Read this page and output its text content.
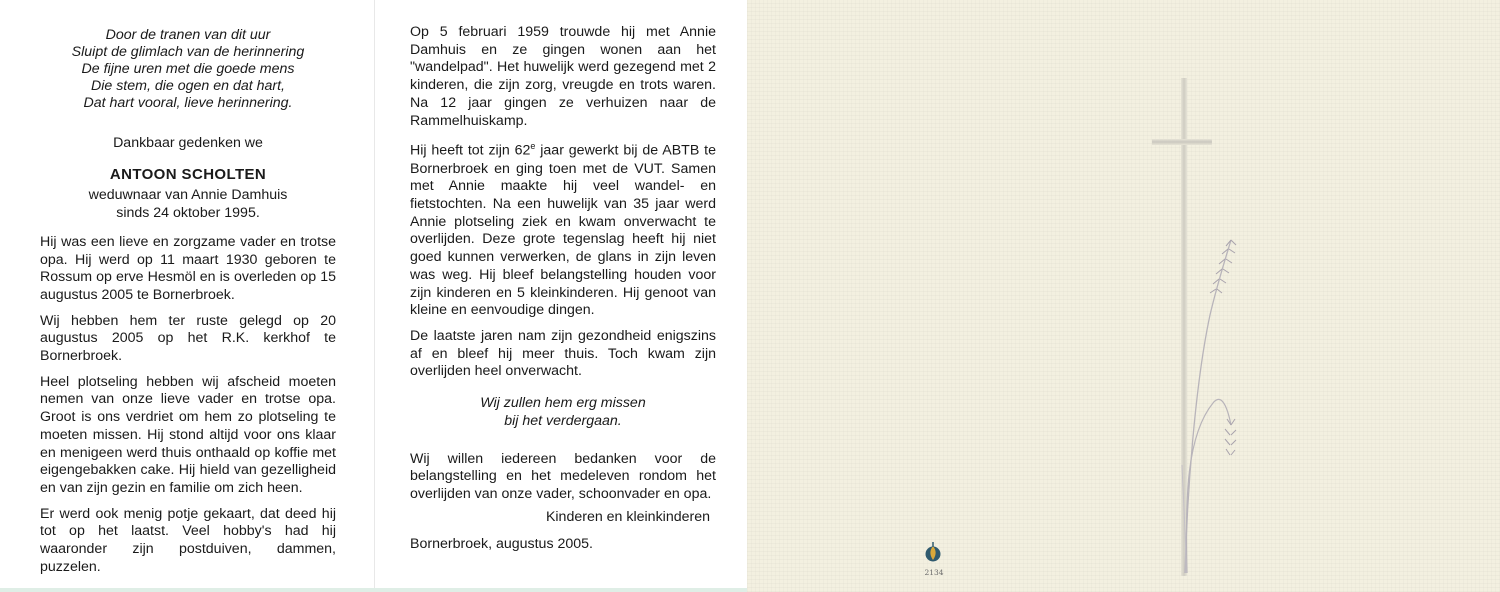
Door de tranen van dit uur
Sluipt de glimlach van de herinnering
De fijne uren met die goede mens
Die stem, die ogen en dat hart,
Dat hart vooral, lieve herinnering.

Dankbaar gedenken we

ANTOON SCHOLTEN

weduwnaar van Annie Damhuis

sinds 24 oktober 1995.

Hij was een lieve en zorgzame vader en trotse opa. Hij werd op 11 maart 1930 geboren te Rossum op erve Hesmöl en is overleden op 15 augustus 2005 te Bornerbroek.

Wij hebben hem ter ruste gelegd op 20 augustus 2005 op het R.K. kerkhof te Bornerbroek.

Heel plotseling hebben wij afscheid moeten nemen van onze lieve vader en trotse opa. Groot is ons verdriet om hem zo plotseling te moeten missen. Hij stond altijd voor ons klaar en menigeen werd thuis onthaald op koffie met eigengebakken cake. Hij hield van gezelligheid en van zijn gezin en familie om zich heen.

Er werd ook menig potje gekaart, dat deed hij tot op het laatst. Veel hobby's had hij waaronder zijn postduiven, dammen, puzzelen.

Op 5 februari 1959 trouwde hij met Annie Damhuis en ze gingen wonen aan het "wandelpad". Het huwelijk werd gezegend met 2 kinderen, die zijn zorg, vreugde en trots waren. Na 12 jaar gingen ze verhuizen naar de Rammelhuiskamp.

Hij heeft tot zijn 62e jaar gewerkt bij de ABTB te Bornerbroek en ging toen met de VUT. Samen met Annie maakte hij veel wandel- en fietstochten. Na een huwelijk van 35 jaar werd Annie plotseling ziek en kwam onverwacht te overlijden. Deze grote tegenslag heeft hij niet goed kunnen verwerken, de glans in zijn leven was weg. Hij bleef belangstelling houden voor zijn kinderen en 5 kleinkinderen. Hij genoot van kleine en eenvoudige dingen.

De laatste jaren nam zijn gezondheid enigszins af en bleef hij meer thuis. Toch kwam zijn overlijden heel onverwacht.

Wij zullen hem erg missen
bij het verdergaan.

Wij willen iedereen bedanken voor de belangstelling en het medeleven rondom het overlijden van onze vader, schoonvader en opa.

Kinderen en kleinkinderen

Bornerbroek, augustus 2005.

2134
